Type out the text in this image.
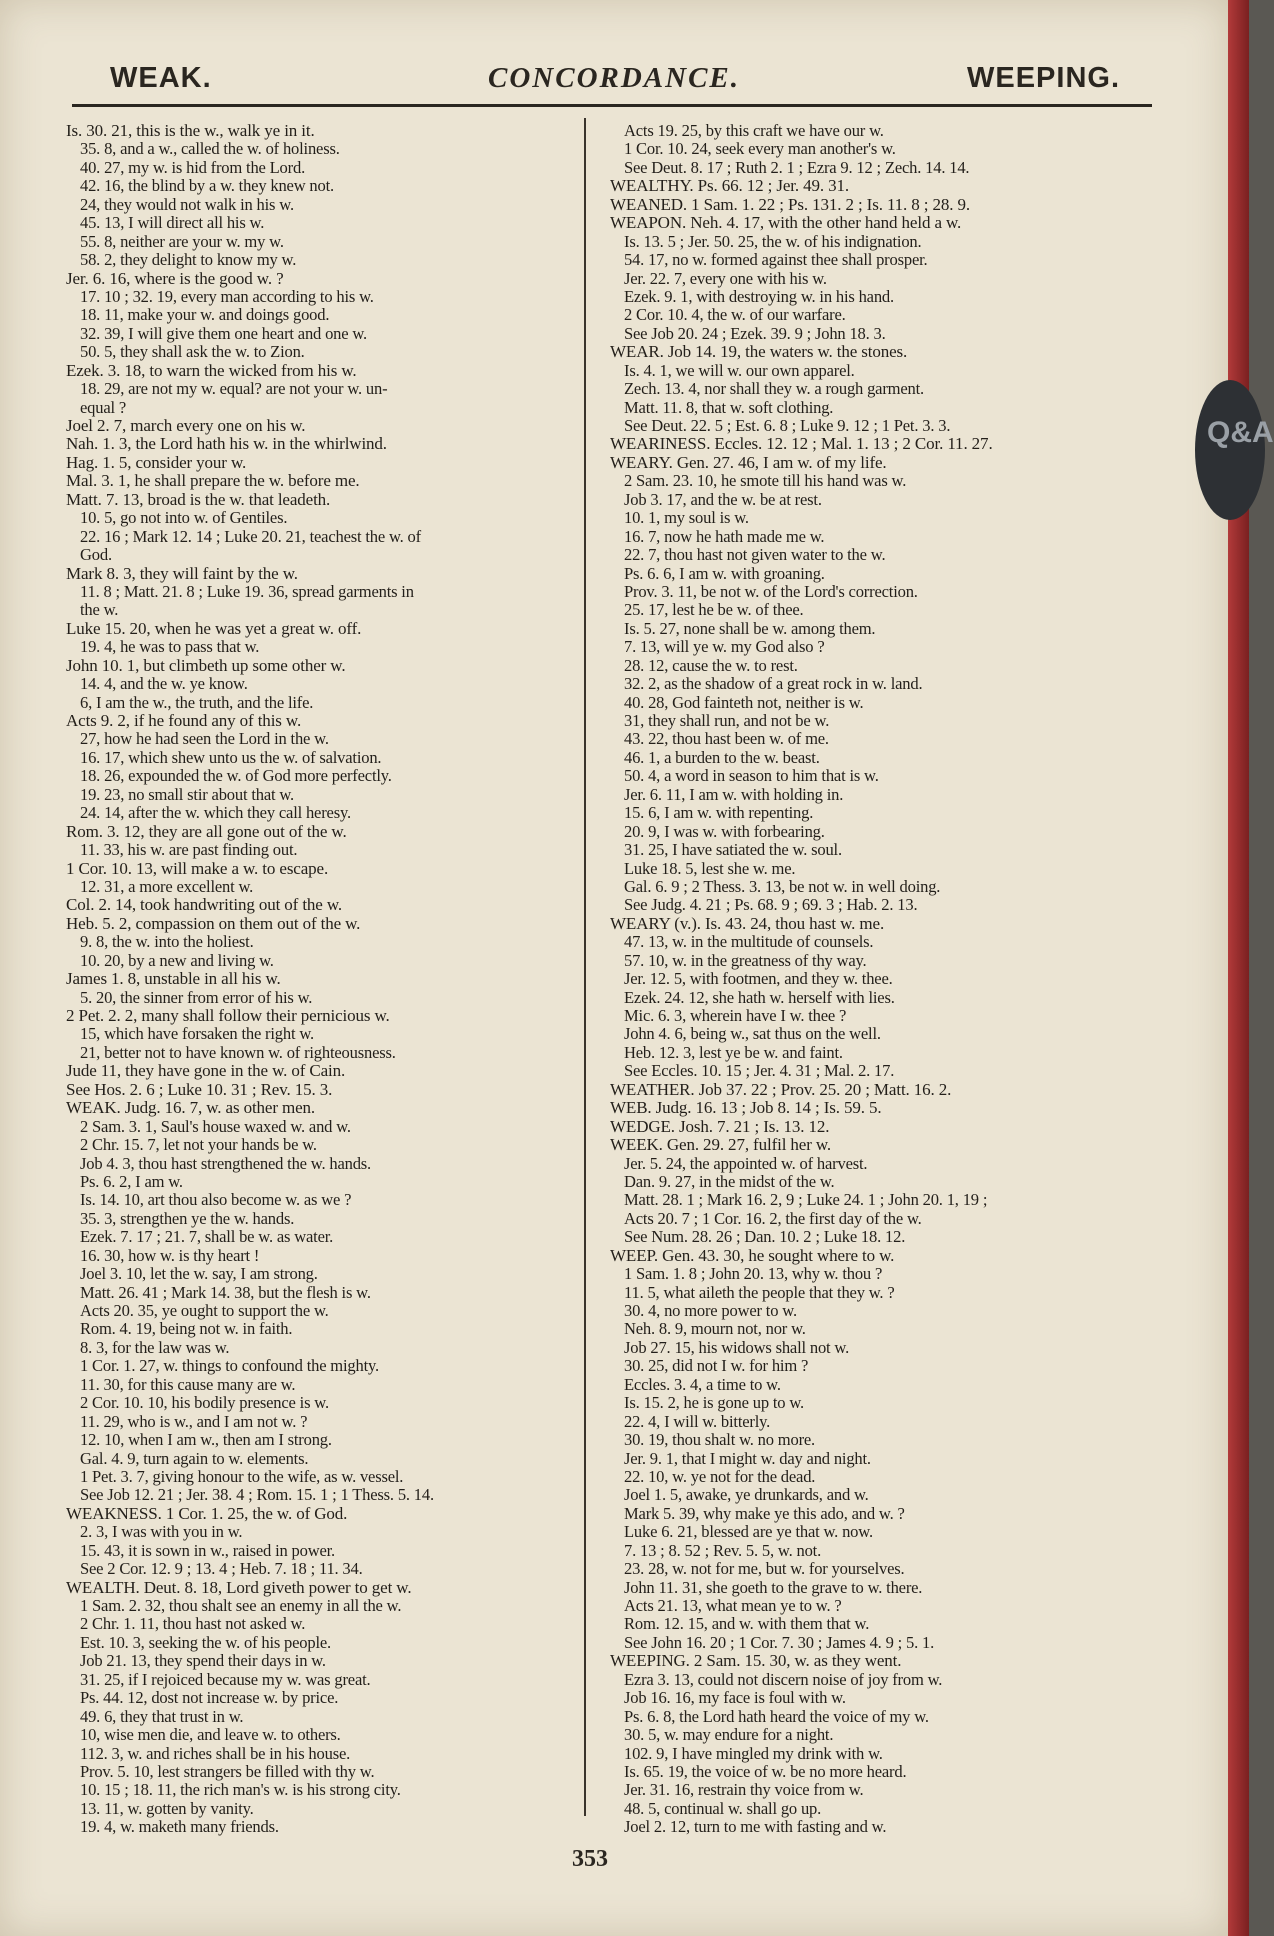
WEAK.	CONCORDANCE.	WEEPING.
Is. 30. 21, this is the w., walk ye in it.
35. 8, and a w., called the w. of holiness.
40. 27, my w. is hid from the Lord.
42. 16, the blind by a w. they knew not.
24, they would not walk in his w.
45. 13, I will direct all his w.
55. 8, neither are your w. my w.
58. 2, they delight to know my w.
Jer. 6. 16, where is the good w. ?
17. 10 ; 32. 19, every man according to his w.
18. 11, make your w. and doings good.
32. 39, I will give them one heart and one w.
50. 5, they shall ask the w. to Zion.
Ezek. 3. 18, to warn the wicked from his w.
18. 29, are not my w. equal? are not your w. un-
equal ?
Joel 2. 7, march every one on his w.
Nah. 1. 3, the Lord hath his w. in the whirlwind.
Hag. 1. 5, consider your w.
Mal. 3. 1, he shall prepare the w. before me.
Matt. 7. 13, broad is the w. that leadeth.
10. 5, go not into w. of Gentiles.
22. 16 ; Mark 12. 14 ; Luke 20. 21, teachest the w. of
God.
Mark 8. 3, they will faint by the w.
11. 8 ; Matt. 21. 8 ; Luke 19. 36, spread garments in
the w.
Luke 15. 20, when he was yet a great w. off.
19. 4, he was to pass that w.
John 10. 1, but climbeth up some other w.
14. 4, and the w. ye know.
6, I am the w., the truth, and the life.
Acts 9. 2, if he found any of this w.
27, how he had seen the Lord in the w.
16. 17, which shew unto us the w. of salvation.
18. 26, expounded the w. of God more perfectly.
19. 23, no small stir about that w.
24. 14, after the w. which they call heresy.
Rom. 3. 12, they are all gone out of the w.
11. 33, his w. are past finding out.
1 Cor. 10. 13, will make a w. to escape.
12. 31, a more excellent w.
Col. 2. 14, took handwriting out of the w.
Heb. 5. 2, compassion on them out of the w.
9. 8, the w. into the holiest.
10. 20, by a new and living w.
James 1. 8, unstable in all his w.
5. 20, the sinner from error of his w.
2 Pet. 2. 2, many shall follow their pernicious w.
15, which have forsaken the right w.
21, better not to have known w. of righteousness.
Jude 11, they have gone in the w. of Cain.
See Hos. 2. 6 ; Luke 10. 31 ; Rev. 15. 3.
WEAK. Judg. 16. 7, w. as other men.
2 Sam. 3. 1, Saul's house waxed w. and w.
2 Chr. 15. 7, let not your hands be w.
Job 4. 3, thou hast strengthened the w. hands.
Ps. 6. 2, I am w.
Is. 14. 10, art thou also become w. as we ?
35. 3, strengthen ye the w. hands.
Ezek. 7. 17 ; 21. 7, shall be w. as water.
16. 30, how w. is thy heart !
Joel 3. 10, let the w. say, I am strong.
Matt. 26. 41 ; Mark 14. 38, but the flesh is w.
Acts 20. 35, ye ought to support the w.
Rom. 4. 19, being not w. in faith.
8. 3, for the law was w.
1 Cor. 1. 27, w. things to confound the mighty.
11. 30, for this cause many are w.
2 Cor. 10. 10, his bodily presence is w.
11. 29, who is w., and I am not w. ?
12. 10, when I am w., then am I strong.
Gal. 4. 9, turn again to w. elements.
1 Pet. 3. 7, giving honour to the wife, as w. vessel.
See Job 12. 21 ; Jer. 38. 4 ; Rom. 15. 1 ; 1 Thess. 5. 14.
WEAKNESS. 1 Cor. 1. 25, the w. of God.
2. 3, I was with you in w.
15. 43, it is sown in w., raised in power.
See 2 Cor. 12. 9 ; 13. 4 ; Heb. 7. 18 ; 11. 34.
WEALTH. Deut. 8. 18, Lord giveth power to get w.
1 Sam. 2. 32, thou shalt see an enemy in all the w.
2 Chr. 1. 11, thou hast not asked w.
Est. 10. 3, seeking the w. of his people.
Job 21. 13, they spend their days in w.
31. 25, if I rejoiced because my w. was great.
Ps. 44. 12, dost not increase w. by price.
49. 6, they that trust in w.
10, wise men die, and leave w. to others.
112. 3, w. and riches shall be in his house.
Prov. 5. 10, lest strangers be filled with thy w.
10. 15 ; 18. 11, the rich man's w. is his strong city.
13. 11, w. gotten by vanity.
19. 4, w. maketh many friends.
Acts 19. 25, by this craft we have our w.
1 Cor. 10. 24, seek every man another's w.
See Deut. 8. 17 ; Ruth 2. 1 ; Ezra 9. 12 ; Zech. 14. 14.
WEALTHY. Ps. 66. 12 ; Jer. 49. 31.
WEANED. 1 Sam. 1. 22 ; Ps. 131. 2 ; Is. 11. 8 ; 28. 9.
WEAPON. Neh. 4. 17, with the other hand held a w.
Is. 13. 5 ; Jer. 50. 25, the w. of his indignation.
54. 17, no w. formed against thee shall prosper.
Jer. 22. 7, every one with his w.
Ezek. 9. 1, with destroying w. in his hand.
2 Cor. 10. 4, the w. of our warfare.
See Job 20. 24 ; Ezek. 39. 9 ; John 18. 3.
WEAR. Job 14. 19, the waters w. the stones.
Is. 4. 1, we will w. our own apparel.
Zech. 13. 4, nor shall they w. a rough garment.
Matt. 11. 8, that w. soft clothing.
See Deut. 22. 5 ; Est. 6. 8 ; Luke 9. 12 ; 1 Pet. 3. 3.
WEARINESS. Eccles. 12. 12 ; Mal. 1. 13 ; 2 Cor. 11. 27.
WEARY. Gen. 27. 46, I am w. of my life.
2 Sam. 23. 10, he smote till his hand was w.
Job 3. 17, and the w. be at rest.
10. 1, my soul is w.
16. 7, now he hath made me w.
22. 7, thou hast not given water to the w.
Ps. 6. 6, I am w. with groaning.
Prov. 3. 11, be not w. of the Lord's correction.
25. 17, lest he be w. of thee.
Is. 5. 27, none shall be w. among them.
7. 13, will ye w. my God also ?
28. 12, cause the w. to rest.
32. 2, as the shadow of a great rock in w. land.
40. 28, God fainteth not, neither is w.
31, they shall run, and not be w.
43. 22, thou hast been w. of me.
46. 1, a burden to the w. beast.
50. 4, a word in season to him that is w.
Jer. 6. 11, I am w. with holding in.
15. 6, I am w. with repenting.
20. 9, I was w. with forbearing.
31. 25, I have satiated the w. soul.
Luke 18. 5, lest she w. me.
Gal. 6. 9 ; 2 Thess. 3. 13, be not w. in well doing.
See Judg. 4. 21 ; Ps. 68. 9 ; 69. 3 ; Hab. 2. 13.
WEARY (v.). Is. 43. 24, thou hast w. me.
47. 13, w. in the multitude of counsels.
57. 10, w. in the greatness of thy way.
Jer. 12. 5, with footmen, and they w. thee.
Ezek. 24. 12, she hath w. herself with lies.
Mic. 6. 3, wherein have I w. thee ?
John 4. 6, being w., sat thus on the well.
Heb. 12. 3, lest ye be w. and faint.
See Eccles. 10. 15 ; Jer. 4. 31 ; Mal. 2. 17.
WEATHER. Job 37. 22 ; Prov. 25. 20 ; Matt. 16. 2.
WEB. Judg. 16. 13 ; Job 8. 14 ; Is. 59. 5.
WEDGE. Josh. 7. 21 ; Is. 13. 12.
WEEK. Gen. 29. 27, fulfil her w.
Jer. 5. 24, the appointed w. of harvest.
Dan. 9. 27, in the midst of the w.
Matt. 28. 1 ; Mark 16. 2, 9 ; Luke 24. 1 ; John 20. 1, 19 ;
Acts 20. 7 ; 1 Cor. 16. 2, the first day of the w.
See Num. 28. 26 ; Dan. 10. 2 ; Luke 18. 12.
WEEP. Gen. 43. 30, he sought where to w.
1 Sam. 1. 8 ; John 20. 13, why w. thou ?
11. 5, what aileth the people that they w. ?
30. 4, no more power to w.
Neh. 8. 9, mourn not, nor w.
Job 27. 15, his widows shall not w.
30. 25, did not I w. for him ?
Eccles. 3. 4, a time to w.
Is. 15. 2, he is gone up to w.
22. 4, I will w. bitterly.
30. 19, thou shalt w. no more.
Jer. 9. 1, that I might w. day and night.
22. 10, w. ye not for the dead.
Joel 1. 5, awake, ye drunkards, and w.
Mark 5. 39, why make ye this ado, and w. ?
Luke 6. 21, blessed are ye that w. now.
7. 13 ; 8. 52 ; Rev. 5. 5, w. not.
23. 28, w. not for me, but w. for yourselves.
John 11. 31, she goeth to the grave to w. there.
Acts 21. 13, what mean ye to w. ?
Rom. 12. 15, and w. with them that w.
See John 16. 20 ; 1 Cor. 7. 30 ; James 4. 9 ; 5. 1.
WEEPING. 2 Sam. 15. 30, w. as they went.
Ezra 3. 13, could not discern noise of joy from w.
Job 16. 16, my face is foul with w.
Ps. 6. 8, the Lord hath heard the voice of my w.
30. 5, w. may endure for a night.
102. 9, I have mingled my drink with w.
Is. 65. 19, the voice of w. be no more heard.
Jer. 31. 16, restrain thy voice from w.
48. 5, continual w. shall go up.
Joel 2. 12, turn to me with fasting and w.
353
Q&A
